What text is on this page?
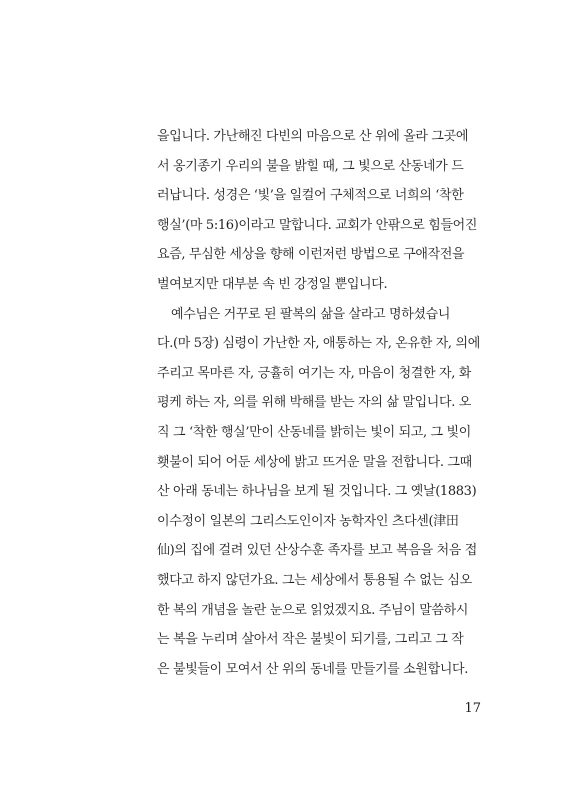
을입니다. 가난해진 다빈의 마음으로 산 위에 올라 그곳에
서 옹기종기 우리의 불을 밝힐 때, 그 빛으로 산동네가 드
러납니다. 성경은 ‘빛’을 일컬어 구체적으로 너희의 ‘착한
행실’(마 5:16)이라고 말합니다. 교회가 안팎으로 힘들어진
요즘, 무심한 세상을 향해 이런저런 방법으로 구애작전을
벌여보지만 대부분 속 빈 강정일 뿐입니다.
예수님은 거꾸로 된 팔복의 삶을 살라고 명하셨습니
다.(마 5장) 심령이 가난한 자, 애통하는 자, 온유한 자, 의에
주리고 목마른 자, 긍휼히 여기는 자, 마음이 청결한 자, 화
평케 하는 자, 의를 위해 박해를 받는 자의 삶 말입니다. 오
직 그 ‘착한 행실’만이 산동네를 밝히는 빛이 되고, 그 빛이
횃불이 되어 어둔 세상에 밝고 뜨거운 말을 전합니다. 그때
산 아래 동네는 하나님을 보게 될 것입니다. 그 옛날(1883)
이수정이 일본의 그리스도인이자 농학자인 츠다센(津田
仙)의 집에 걸려 있던 산상수훈 족자를 보고 복음을 처음 접
했다고 하지 않던가요. 그는 세상에서 통용될 수 없는 심오
한 복의 개념을 놀란 눈으로 읽었겠지요. 주님이 말씀하시
는 복을 누리며 살아서 작은 불빛이 되기를, 그리고 그 작
은 불빛들이 모여서 산 위의 동네를 만들기를 소원합니다.
17
